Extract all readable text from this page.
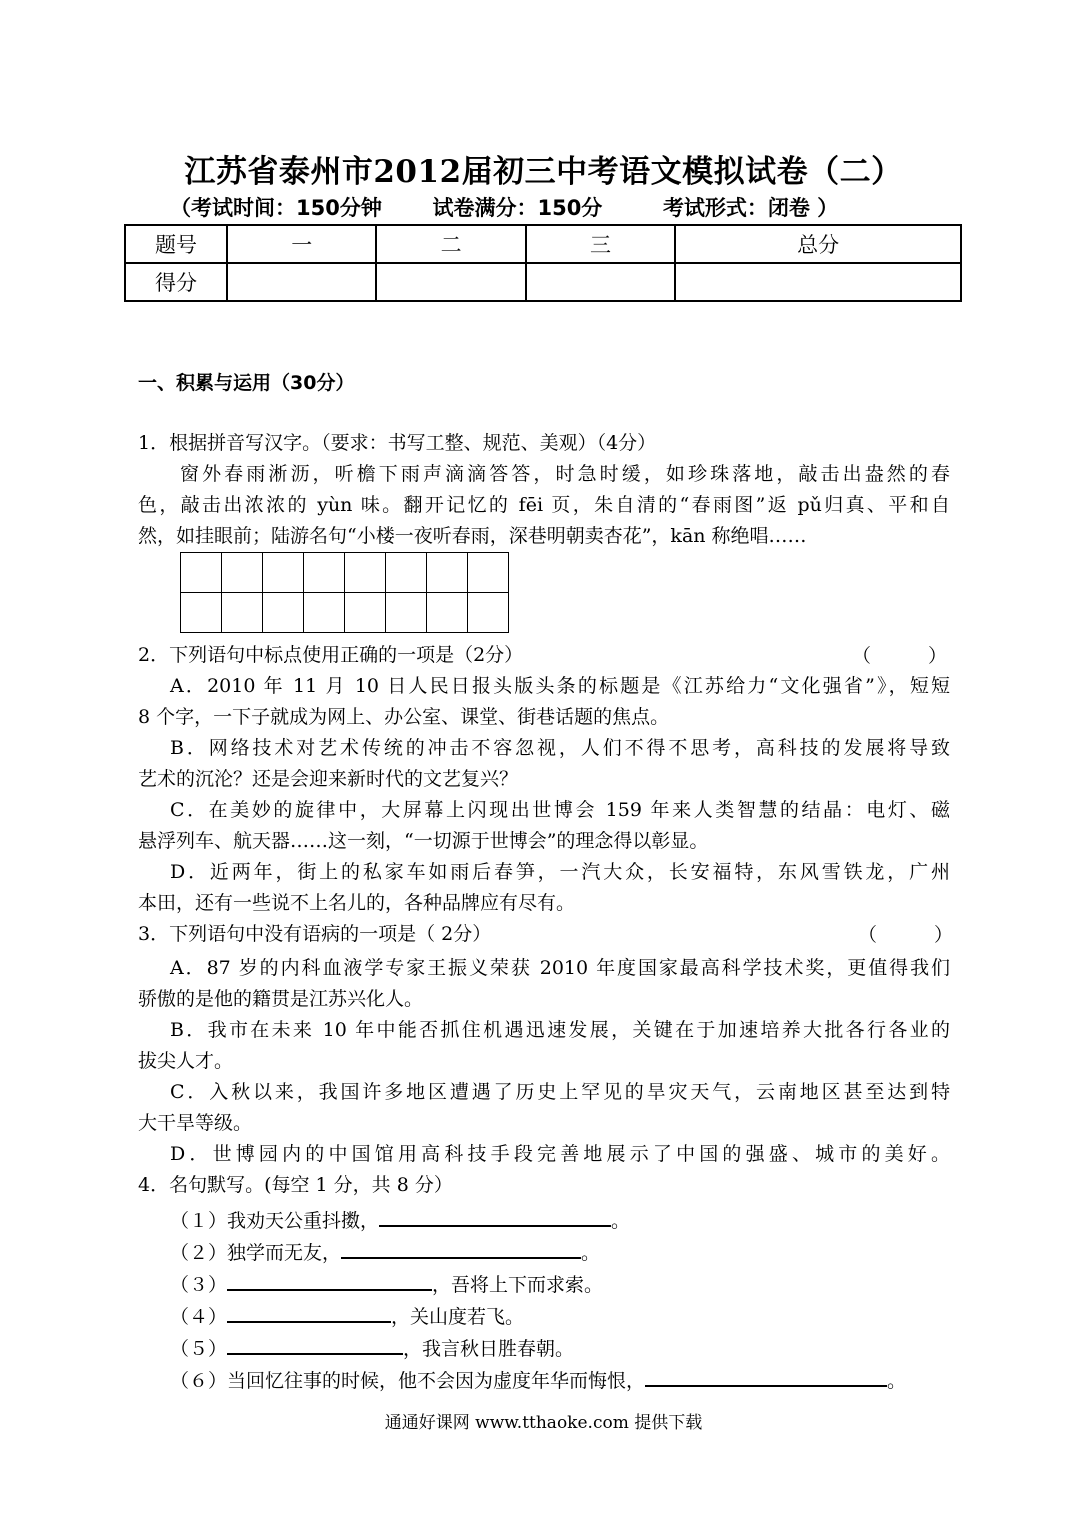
江苏省泰州市2012届初三中考语文模拟试卷（二）
（考试时间：150分钟 试卷满分：150分	考试形式：闭卷 ）
题号	一	二	三	总分
得分				
一、积累与运用（30分）
1．根据拼音写汉字。（要求：书写工整、规范、美观）（4分）
窗外春雨淅沥，听檐下雨声滴滴答答，时急时缓，如珍珠落地，敲击出盎然的春
色，敲击出浓浓的 yùn 味。翻开记忆的 fēi 页，朱自清的“春雨图”返 pǔ归真、平和自
然，如挂眼前；陆游名句“小楼一夜听春雨，深巷明朝卖杏花”，kān 称绝唱……

2．下列语句中标点使用正确的一项是（2分）	（　　　）
A．2010 年 11 月 10 日人民日报头版头条的标题是《江苏给力“文化强省”》，短短
8 个字，一下子就成为网上、办公室、课堂、街巷话题的焦点。
B．网络技术对艺术传统的冲击不容忽视，人们不得不思考，高科技的发展将导致
艺术的沉沦？还是会迎来新时代的文艺复兴？
C．在美妙的旋律中，大屏幕上闪现出世博会 159 年来人类智慧的结晶：电灯、磁
悬浮列车、航天器……这一刻，“一切源于世博会”的理念得以彰显。
D．近两年，街上的私家车如雨后春笋，一汽大众，长安福特，东风雪铁龙，广州
本田，还有一些说不上名儿的，各种品牌应有尽有。
3．下列语句中没有语病的一项是（ 2分）	（　　　）
A．87 岁的内科血液学专家王振义荣获 2010 年度国家最高科学技术奖，更值得我们
骄傲的是他的籍贯是江苏兴化人。
B．我市在未来 10 年中能否抓住机遇迅速发展，关键在于加速培养大批各行各业的
拔尖人才。
C．入秋以来，我国许多地区遭遇了历史上罕见的旱灾天气，云南地区甚至达到特
大干旱等级。
D．世博园内的中国馆用高科技手段完善地展示了中国的强盛、城市的美好。
4．名句默写。(每空 1 分，共 8 分）
（１）我劝天公重抖擞，	。
（２）独学而无友，	。
（３）	，吾将上下而求索。
（４）	，关山度若飞。
（５）	，我言秋日胜春朝。
（６）当回忆往事的时候，他不会因为虚度年华而悔恨，	。
通通好课网 www.tthaoke.com 提供下载
